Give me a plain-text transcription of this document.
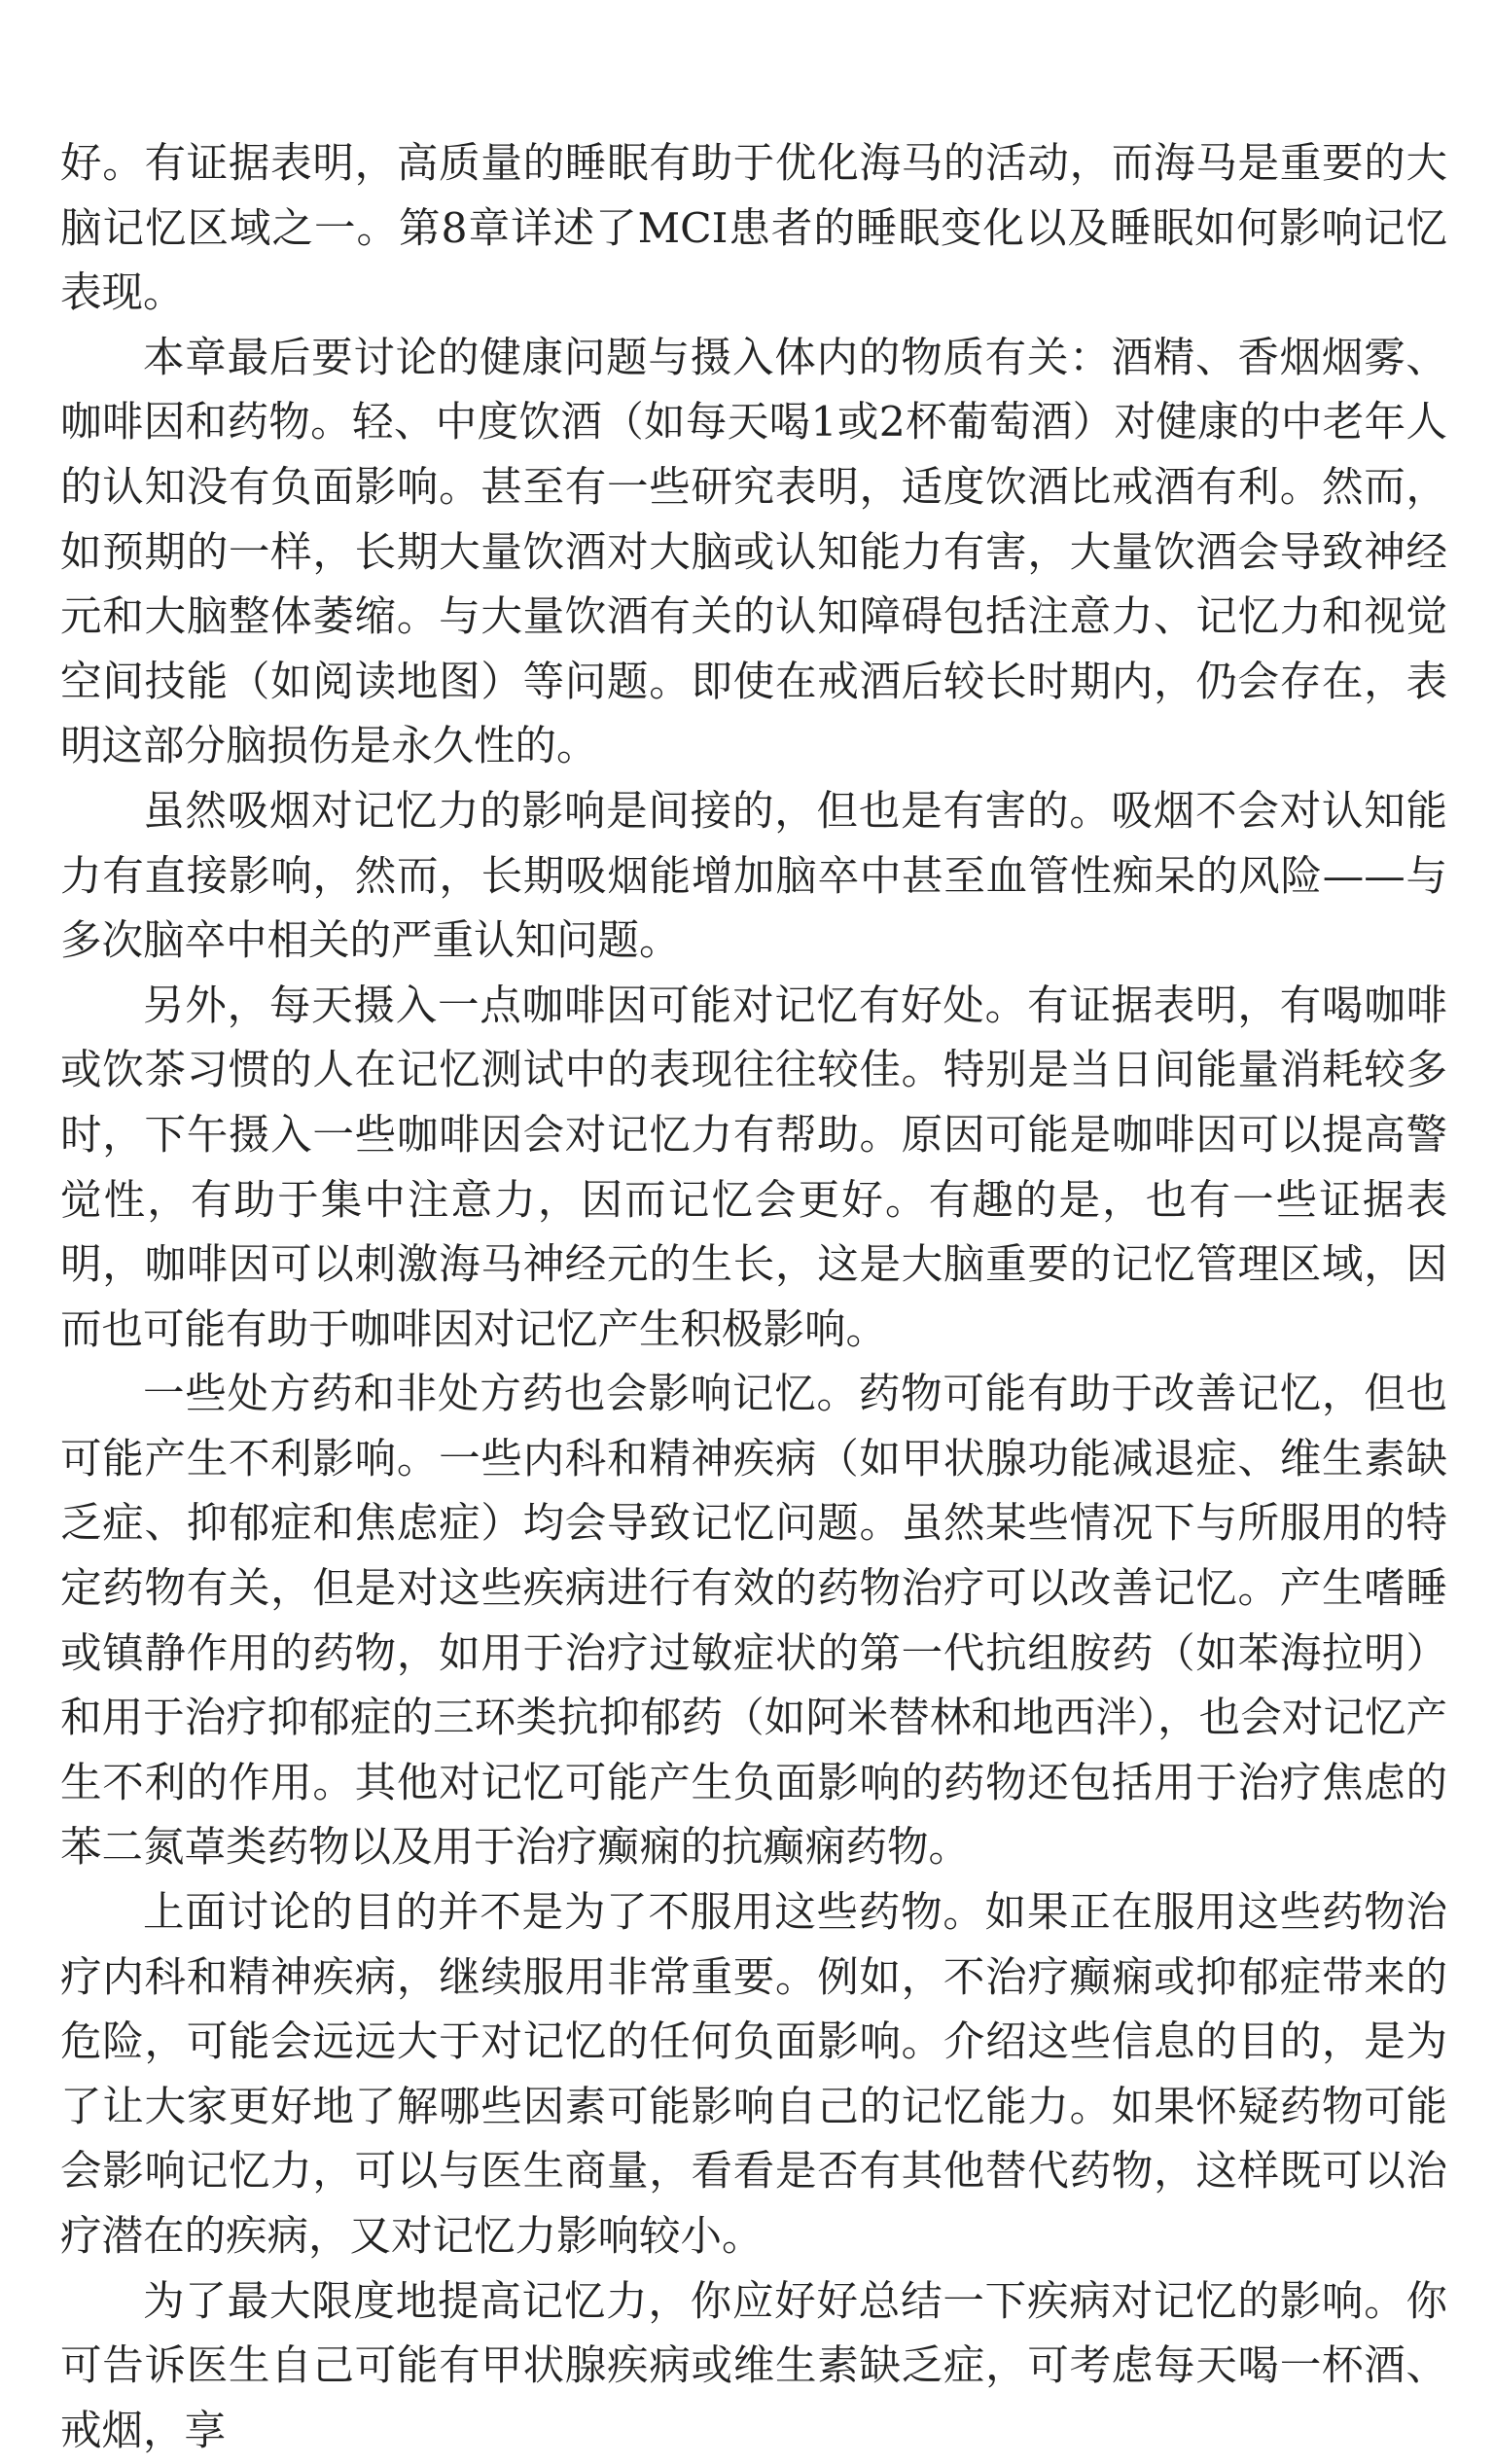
好。有证据表明，高质量的睡眠有助于优化海马的活动，而海马是重要的大脑记忆区域之一。第8章详述了MCI患者的睡眠变化以及睡眠如何影响记忆表现。

本章最后要讨论的健康问题与摄入体内的物质有关：酒精、香烟烟雾、咖啡因和药物。轻、中度饮酒（如每天喝1或2杯葡萄酒）对健康的中老年人的认知没有负面影响。甚至有一些研究表明，适度饮酒比戒酒有利。然而，如预期的一样，长期大量饮酒对大脑或认知能力有害，大量饮酒会导致神经元和大脑整体萎缩。与大量饮酒有关的认知障碍包括注意力、记忆力和视觉空间技能（如阅读地图）等问题。即使在戒酒后较长时期内，仍会存在，表明这部分脑损伤是永久性的。

虽然吸烟对记忆力的影响是间接的，但也是有害的。吸烟不会对认知能力有直接影响，然而，长期吸烟能增加脑卒中甚至血管性痴呆的风险——与多次脑卒中相关的严重认知问题。

另外，每天摄入一点咖啡因可能对记忆有好处。有证据表明，有喝咖啡或饮茶习惯的人在记忆测试中的表现往往较佳。特别是当日间能量消耗较多时，下午摄入一些咖啡因会对记忆力有帮助。原因可能是咖啡因可以提高警觉性，有助于集中注意力，因而记忆会更好。有趣的是，也有一些证据表明，咖啡因可以刺激海马神经元的生长，这是大脑重要的记忆管理区域，因而也可能有助于咖啡因对记忆产生积极影响。

一些处方药和非处方药也会影响记忆。药物可能有助于改善记忆，但也可能产生不利影响。一些内科和精神疾病（如甲状腺功能减退症、维生素缺乏症、抑郁症和焦虑症）均会导致记忆问题。虽然某些情况下与所服用的特定药物有关，但是对这些疾病进行有效的药物治疗可以改善记忆。产生嗜睡或镇静作用的药物，如用于治疗过敏症状的第一代抗组胺药（如苯海拉明）和用于治疗抑郁症的三环类抗抑郁药（如阿米替林和地西泮），也会对记忆产生不利的作用。其他对记忆可能产生负面影响的药物还包括用于治疗焦虑的苯二氮䓬类药物以及用于治疗癫痫的抗癫痫药物。

上面讨论的目的并不是为了不服用这些药物。如果正在服用这些药物治疗内科和精神疾病，继续服用非常重要。例如，不治疗癫痫或抑郁症带来的危险，可能会远远大于对记忆的任何负面影响。介绍这些信息的目的，是为了让大家更好地了解哪些因素可能影响自己的记忆能力。如果怀疑药物可能会影响记忆力，可以与医生商量，看看是否有其他替代药物，这样既可以治疗潜在的疾病，又对记忆力影响较小。

为了最大限度地提高记忆力，你应好好总结一下疾病对记忆的影响。你可告诉医生自己可能有甲状腺疾病或维生素缺乏症，可考虑每天喝一杯酒、戒烟，享
